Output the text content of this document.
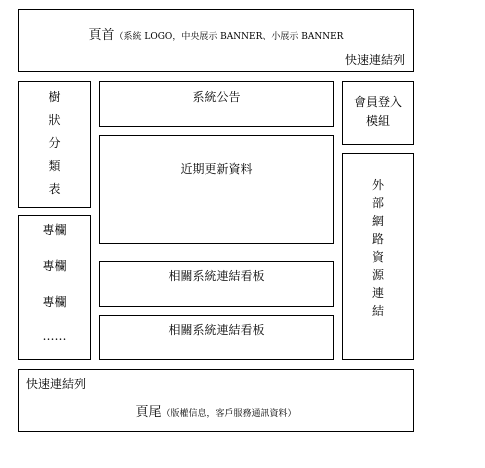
頁首（系統 LOGO，中央展示 BANNER、小展示 BANNER
快速連結列
樹
狀
分
類
表
專欄
專欄
專欄
……
系統公告
近期更新資料
相關系統連結看板
相關系統連結看板
會員登入
模組
外
部
網
路
資
源
連
結
快速連結列
頁尾（版權信息，客戶服務通訊資料）
